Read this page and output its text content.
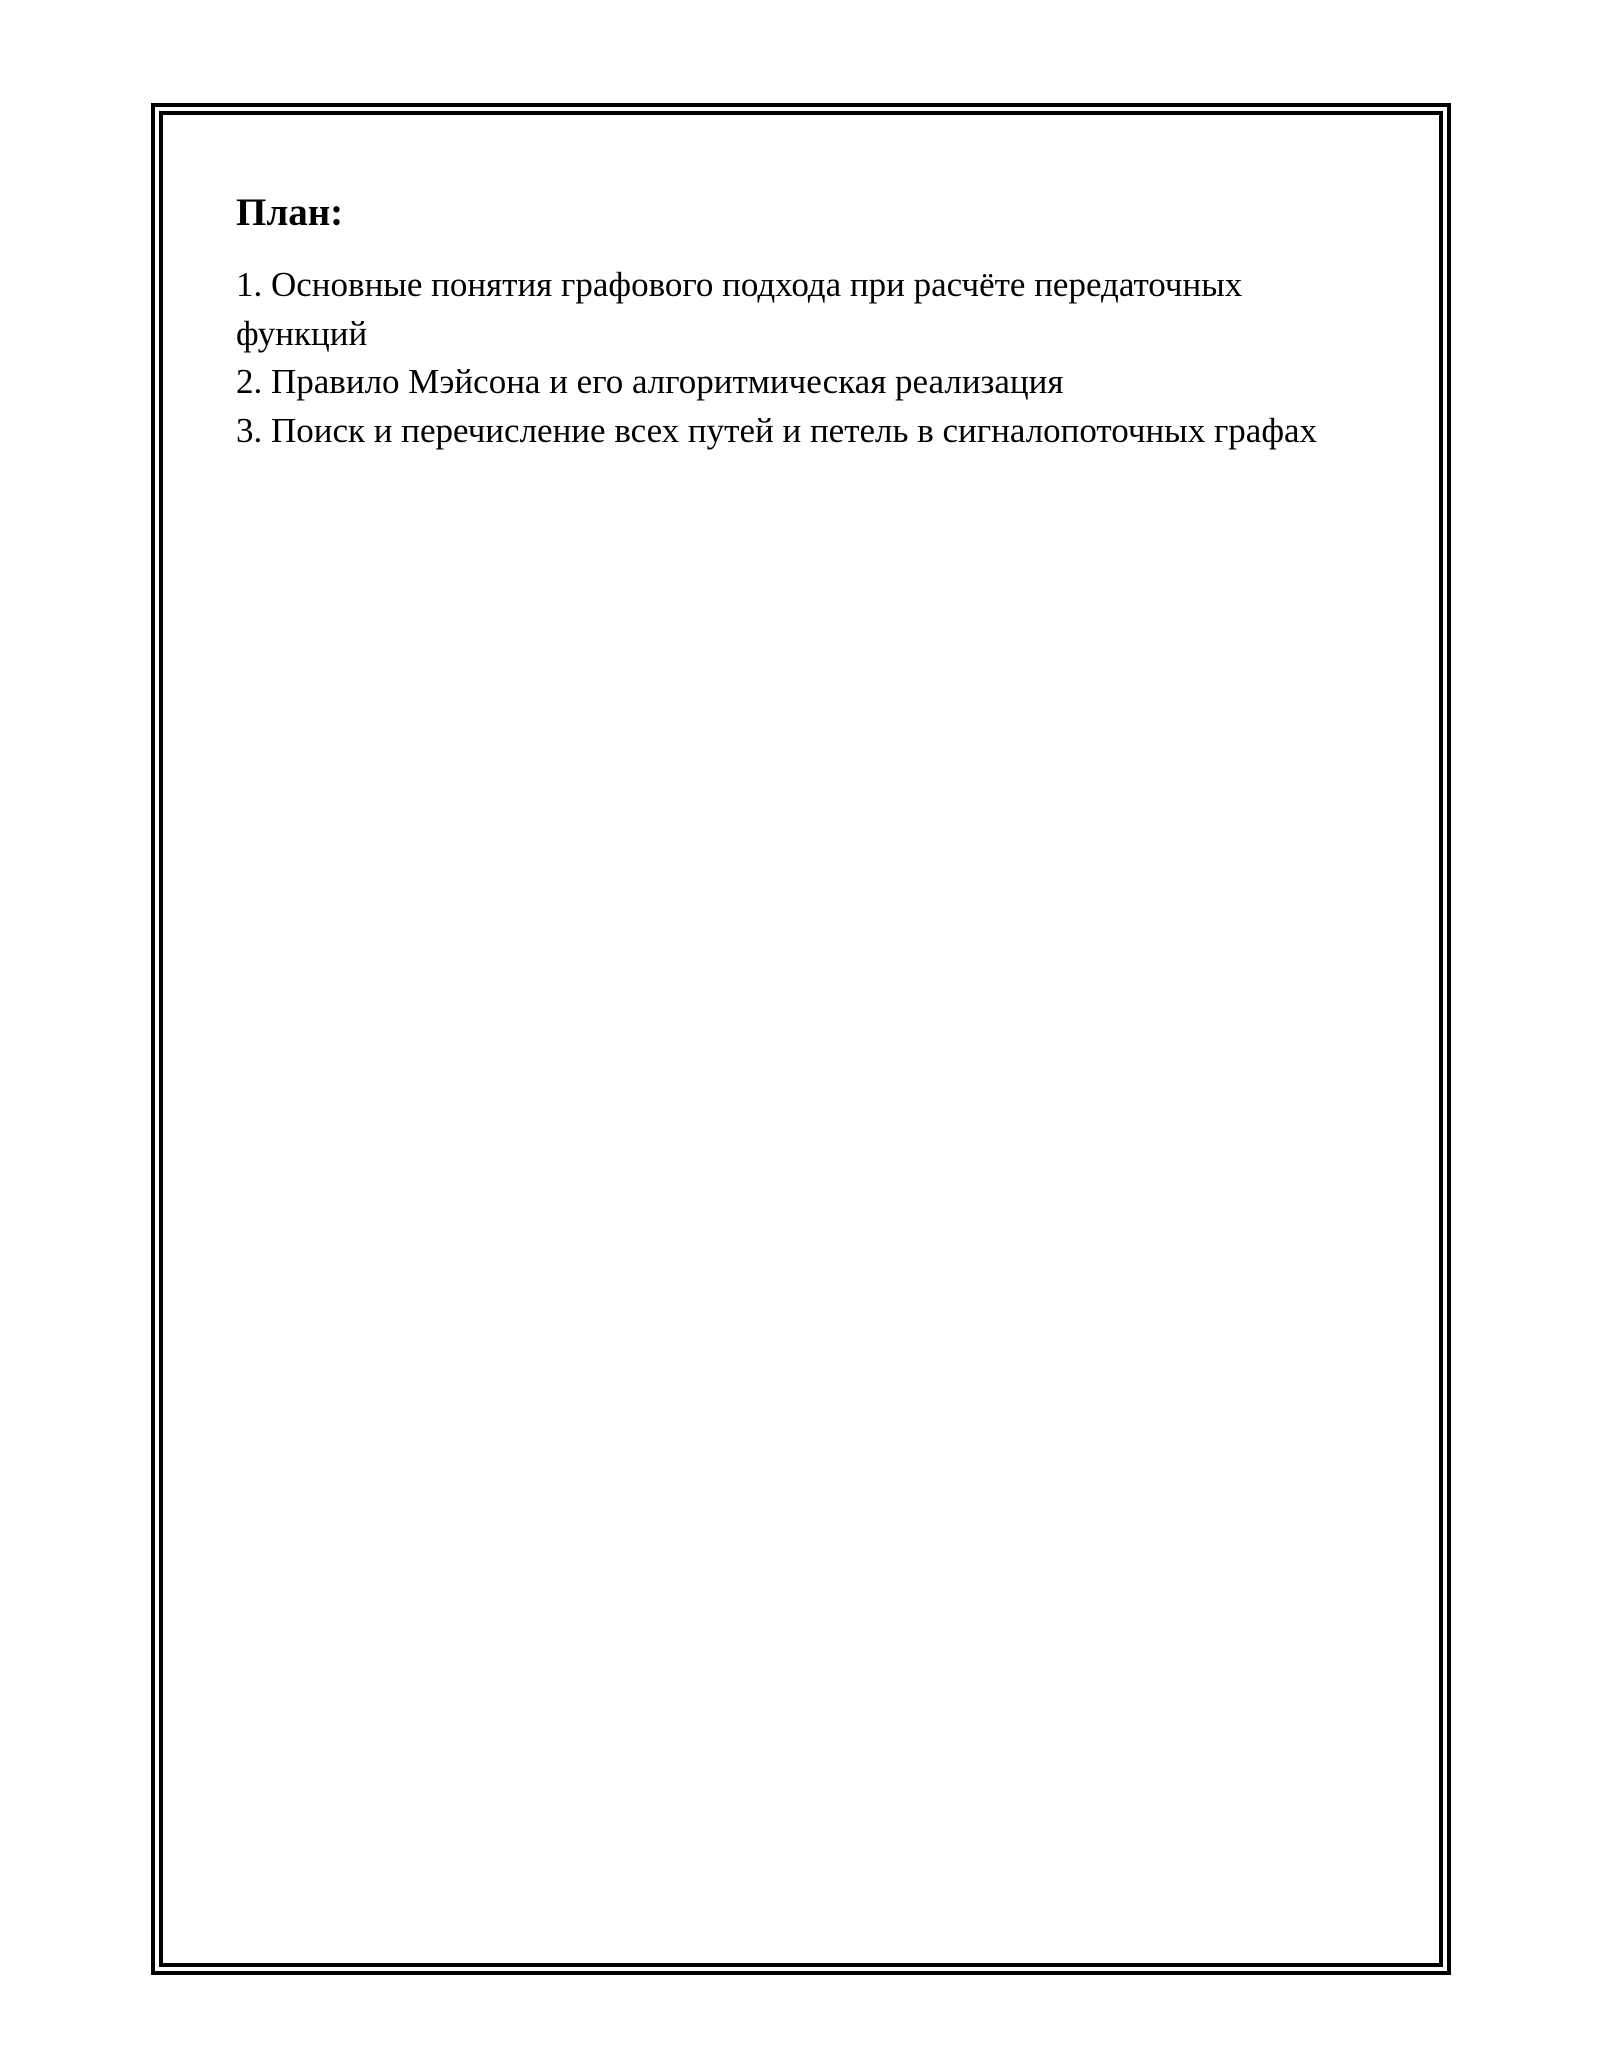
План:
1. Основные понятия графового подхода при расчёте передаточных функций
2. Правило Мэйсона и его алгоритмическая реализация
3. Поиск и перечисление всех путей и петель в сигналопоточных графах
